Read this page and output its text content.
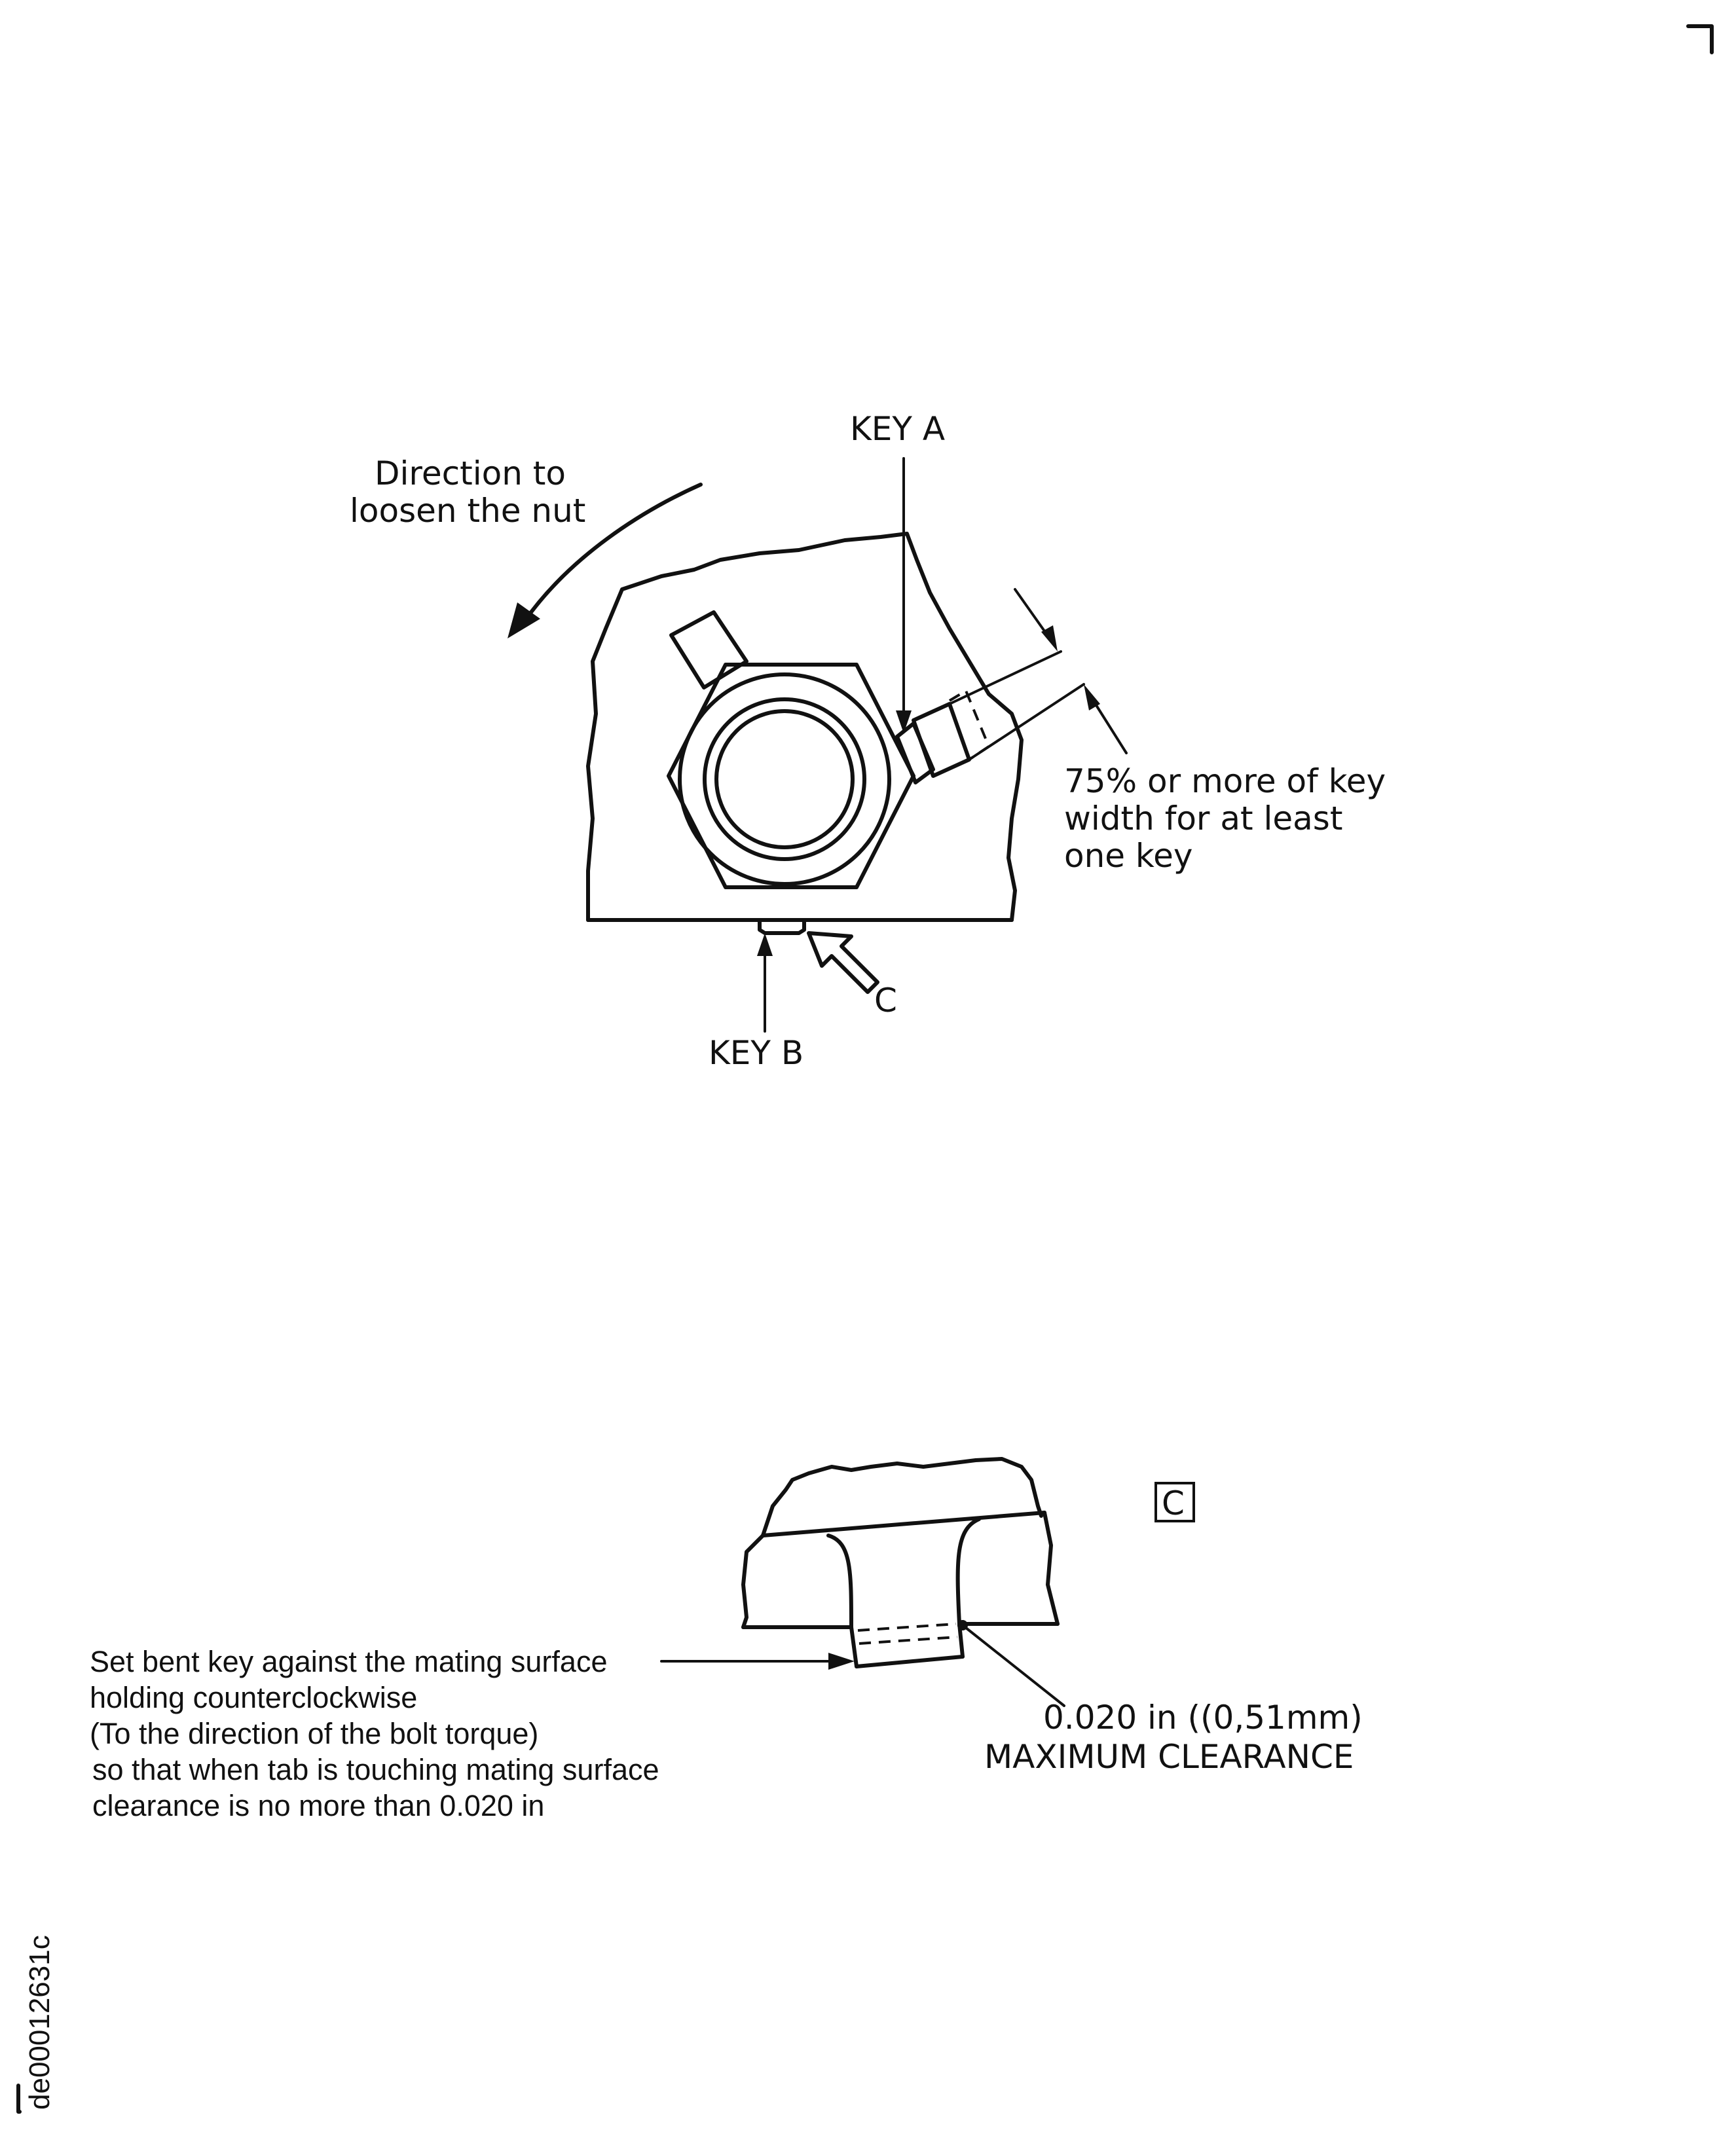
KEY A
Direction to
loosen the nut
75% or more of key
width for at least
one key
KEY B
C
C
Set bent key against the mating surface
holding counterclockwise
(To the direction of the bolt torque)
so that when tab is touching mating surface
clearance is no more than 0.020 in
0.020 in ((0,51mm)
MAXIMUM CLEARANCE
de00012631c
